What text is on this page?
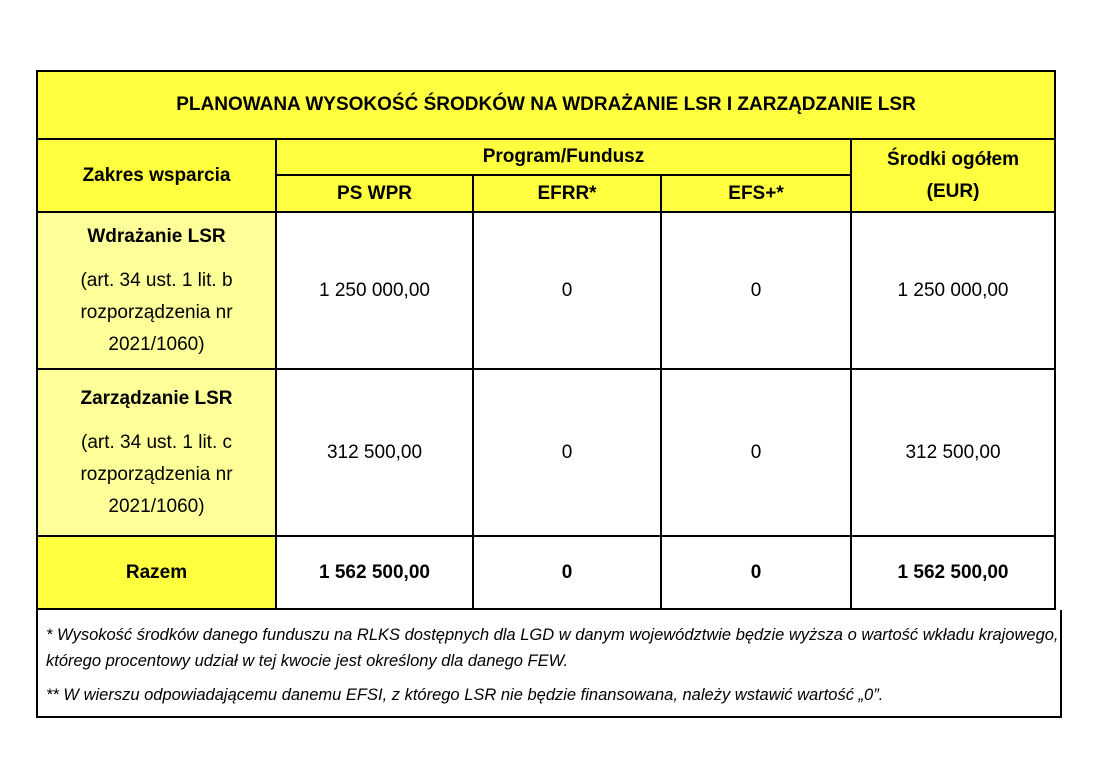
PLANOWANA WYSOKOŚĆ ŚRODKÓW NA WDRAŻANIE LSR I ZARZĄDZANIE LSR				
Zakres wsparcia	Program/Fundusz			Środki ogółem
(EUR)

	PS WPR	EFRR*	EFS+*	

Wdrażanie LSR
(art. 34 ust. 1 lit. b
rozporządzenia nr
2021/1060)	1 250 000,00	0	0	1 250 000,00

Zarządzanie LSR
(art. 34 ust. 1 lit. c
rozporządzenia nr
2021/1060)	312 500,00	0	0	312 500,00
Razem	1 562 500,00	0	0	1 562 500,00

* Wysokość środków danego funduszu na RLKS dostępnych dla LGD w danym województwie będzie wyższa o wartość wkładu krajowego, którego procentowy udział w tej kwocie jest określony dla danego FEW.

** W wierszu odpowiadającemu danemu EFSI, z którego LSR nie będzie finansowana, należy wstawić wartość „0”.
